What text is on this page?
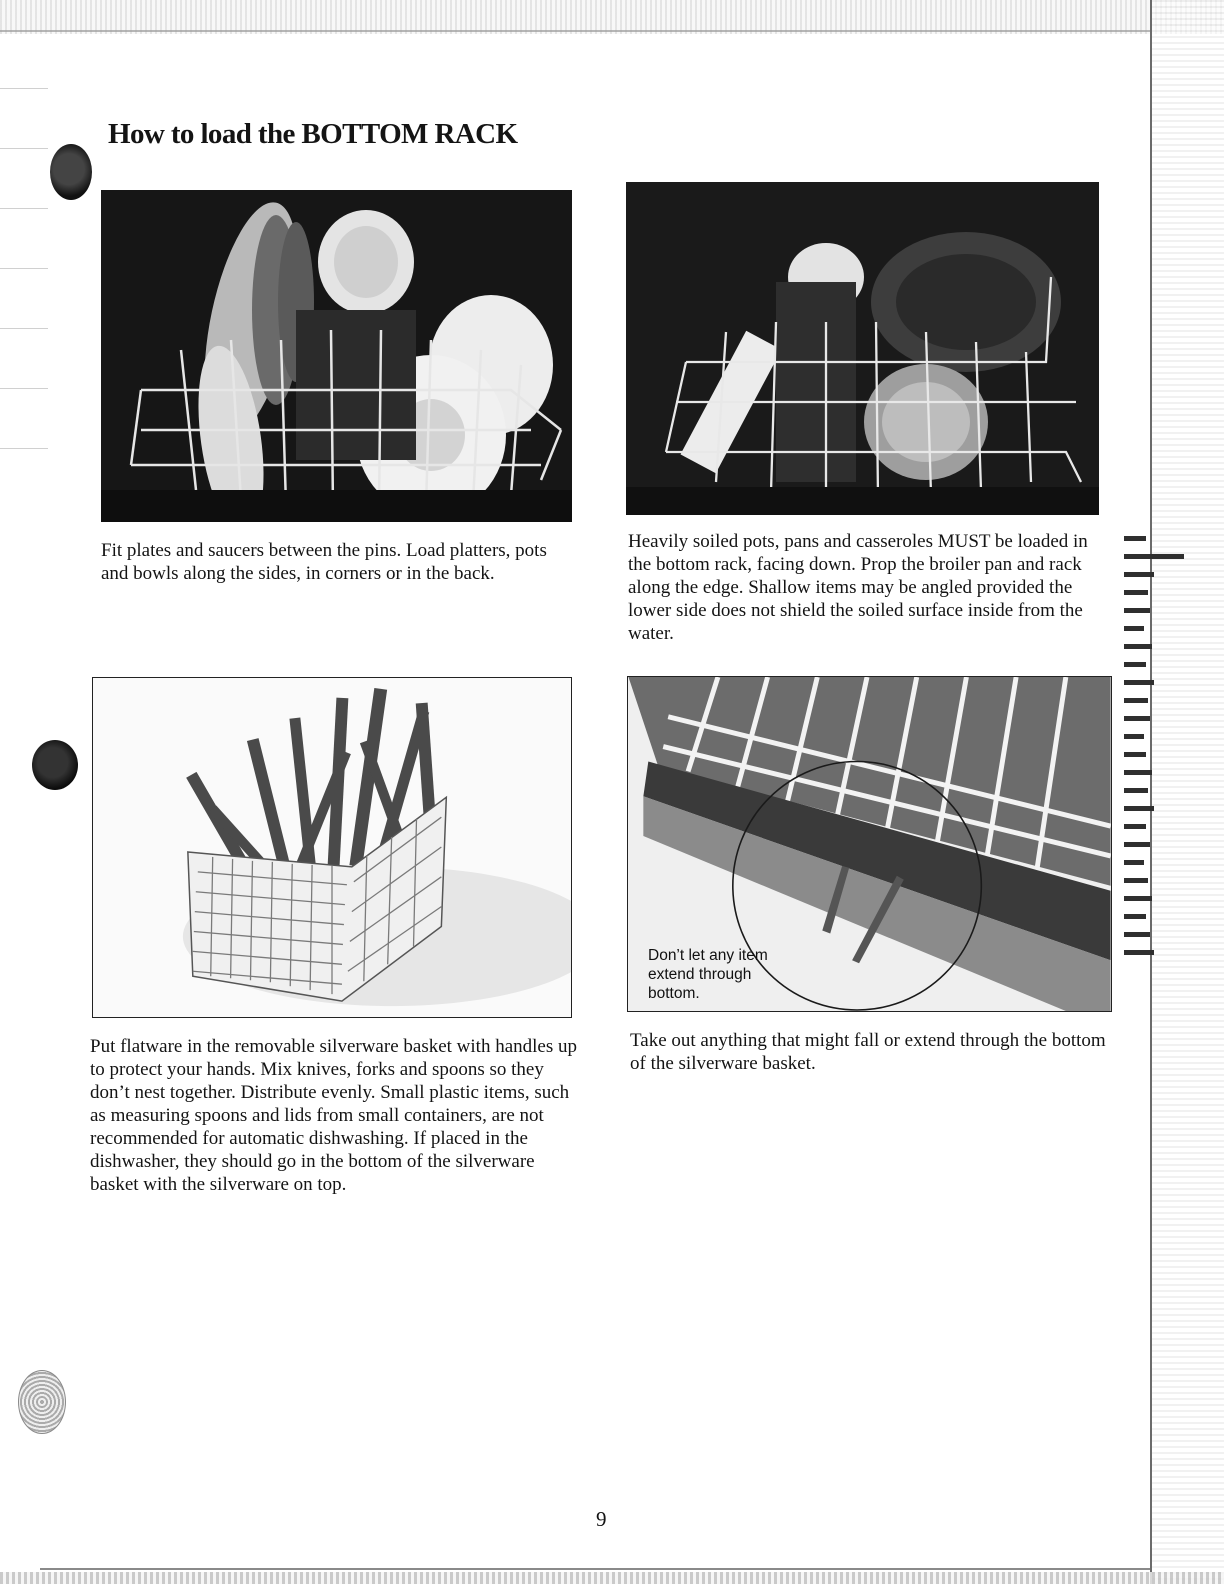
How to load the BOTTOM RACK
Don’t let any item extend through bottom.
Fit plates and saucers between the pins. Load platters, pots and bowls along the sides, in corners or in the back.
Heavily soiled pots, pans and casseroles MUST be loaded in the bottom rack, facing down. Prop the broiler pan and rack along the edge. Shallow items may be angled provided the lower side does not shield the soiled surface inside from the water.
Put flatware in the removable silverware basket with handles up to protect your hands. Mix knives, forks and spoons so they don’t nest together. Distribute evenly. Small plastic items, such as measuring spoons and lids from small containers, are not recommended for automatic dishwashing. If placed in the dishwasher, they should go in the bottom of the silverware basket with the silverware on top.
Take out anything that might fall or extend through the bottom of the silverware basket.
9
